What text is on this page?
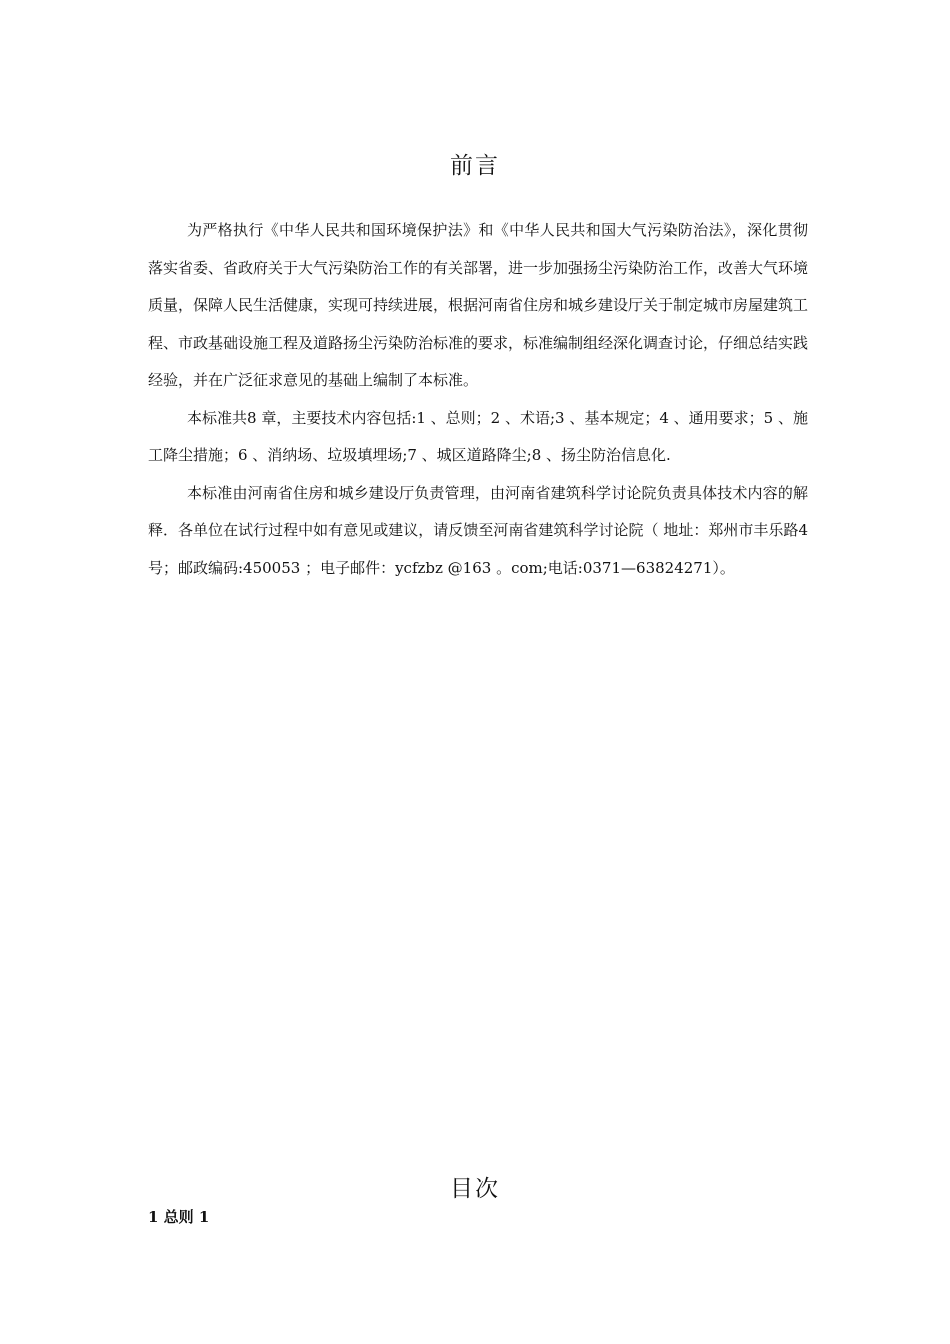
前言

为严格执行《中华人民共和国环境保护法》和《中华人民共和国大气污染防治法》，深化贯彻落实省委、省政府关于大气污染防治工作的有关部署，进一步加强扬尘污染防治工作，改善大气环境质量，保障人民生活健康，实现可持续进展，根据河南省住房和城乡建设厅关于制定城市房屋建筑工程、市政基础设施工程及道路扬尘污染防治标准的要求，标准编制组经深化调查讨论，仔细总结实践经验，并在广泛征求意见的基础上编制了本标准。

本标准共8 章，主要技术内容包括:1 、总则；2 、术语;3 、基本规定；4 、通用要求；5 、施工降尘措施；6 、消纳场、垃圾填埋场;7 、城区道路降尘;8 、扬尘防治信息化.

本标准由河南省住房和城乡建设厅负责管理，由河南省建筑科学讨论院负责具体技术内容的解释．各单位在试行过程中如有意见或建议，请反馈至河南省建筑科学讨论院（ 地址：郑州市丰乐路4 号；邮政编码:450053 ；电子邮件：ycfzbz @163 。com;电话:0371—63824271）。

目次
1 总则 1
